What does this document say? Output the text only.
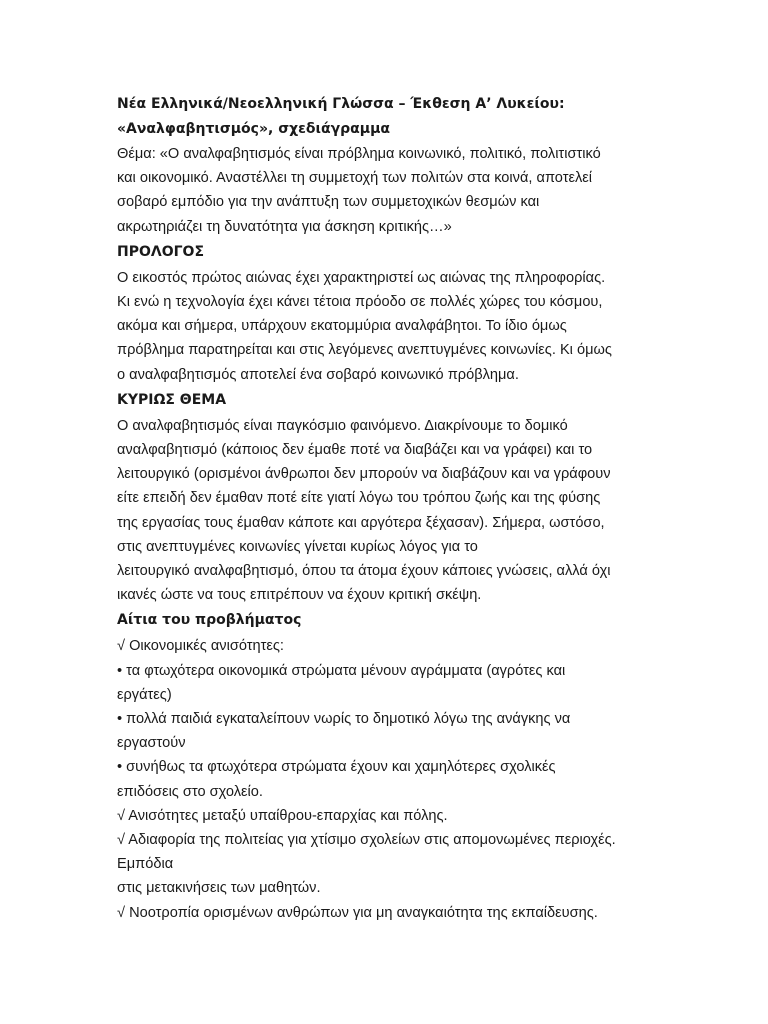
Νέα Ελληνικά/Νεοελληνική Γλώσσα – Έκθεση Α’ Λυκείου:
«Αναλφαβητισμός», σχεδιάγραμμα
Θέμα: «Ο αναλφαβητισμός είναι πρόβλημα κοινωνικό, πολιτικό, πολιτιστικό
και οικονομικό. Αναστέλλει τη συμμετοχή των πολιτών στα κοινά, αποτελεί
σοβαρό εμπόδιο για την ανάπτυξη των συμμετοχικών θεσμών και
ακρωτηριάζει τη δυνατότητα για άσκηση κριτικής…»
ΠΡΟΛΟΓΟΣ
Ο εικοστός πρώτος αιώνας έχει χαρακτηριστεί ως αιώνας της πληροφορίας.
Κι ενώ η τεχνολογία έχει κάνει τέτοια πρόοδο σε πολλές χώρες του κόσμου,
ακόμα και σήμερα, υπάρχουν εκατομμύρια αναλφάβητοι. Το ίδιο όμως
πρόβλημα παρατηρείται και στις λεγόμενες ανεπτυγμένες κοινωνίες. Κι όμως
ο αναλφαβητισμός αποτελεί ένα σοβαρό κοινωνικό πρόβλημα.
ΚΥΡΙΩΣ ΘΕΜΑ
Ο αναλφαβητισμός είναι παγκόσμιο φαινόμενο. Διακρίνουμε το δομικό
αναλφαβητισμό (κάποιος δεν έμαθε ποτέ να διαβάζει και να γράφει) και το
λειτουργικό (ορισμένοι άνθρωποι δεν μπορούν να διαβάζουν και να γράφουν
είτε επειδή δεν έμαθαν ποτέ είτε γιατί λόγω του τρόπου ζωής και της φύσης
της εργασίας τους έμαθαν κάποτε και αργότερα ξέχασαν). Σήμερα, ωστόσο,
στις ανεπτυγμένες κοινωνίες γίνεται κυρίως λόγος για το
λειτουργικό αναλφαβητισμό, όπου τα άτομα έχουν κάποιες γνώσεις, αλλά όχι
ικανές ώστε να τους επιτρέπουν να έχουν κριτική σκέψη.
Αίτια του προβλήματος
√ Οικονομικές ανισότητες:
• τα φτωχότερα οικονομικά στρώματα μένουν αγράμματα (αγρότες και
εργάτες)
• πολλά παιδιά εγκαταλείπουν νωρίς το δημοτικό λόγω της ανάγκης να
εργαστούν
• συνήθως τα φτωχότερα στρώματα έχουν και χαμηλότερες σχολικές
επιδόσεις στο σχολείο.
√ Ανισότητες μεταξύ υπαίθρου-επαρχίας και πόλης.
√ Αδιαφορία της πολιτείας για χτίσιμο σχολείων στις απομονωμένες περιοχές.
Εμπόδια
στις μετακινήσεις των μαθητών.
√ Νοοτροπία ορισμένων ανθρώπων για μη αναγκαιότητα της εκπαίδευσης.
